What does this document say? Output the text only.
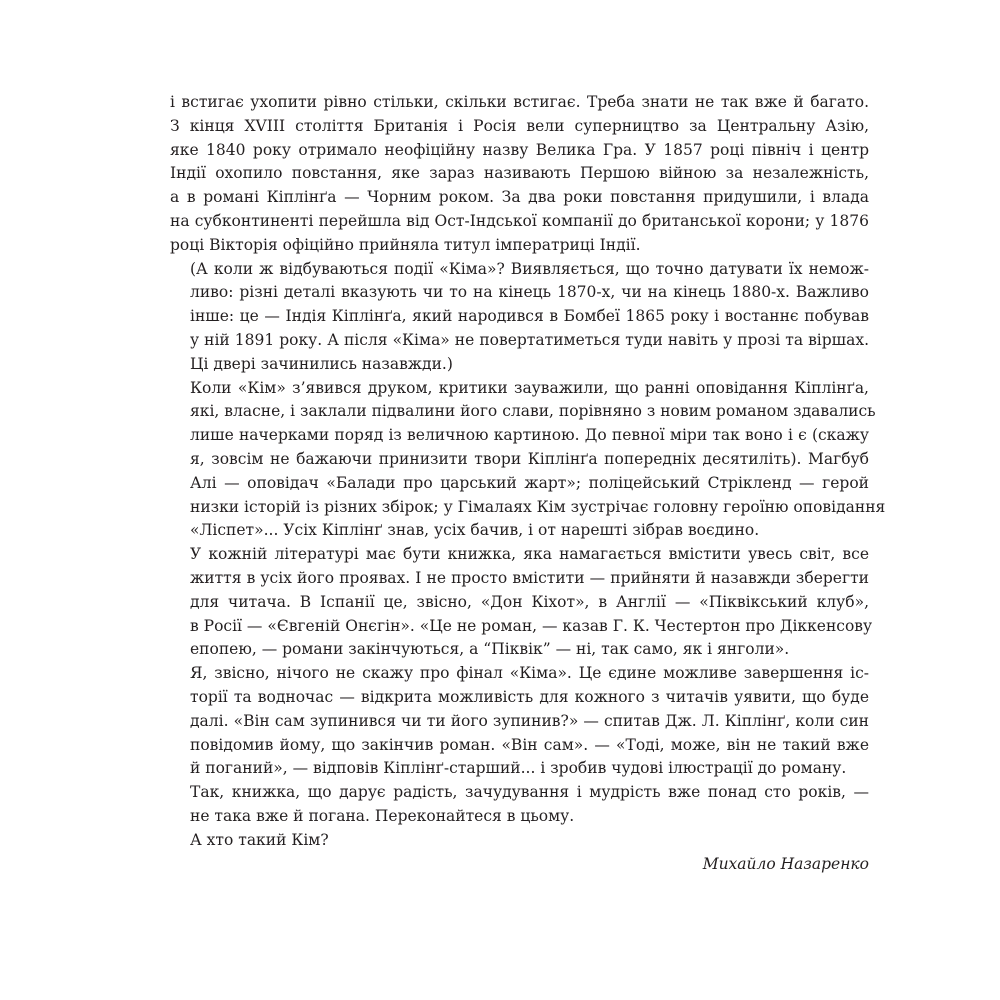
і встигає ухопити рівно стільки, скільки встигає. Треба знати не так вже й багато.
З кінця XVIII століття Британія і Росія вели суперництво за Центральну Азію,
яке 1840 року отримало неофіційну назву Велика Гра. У 1857 році північ і центр
Індії охопило повстання, яке зараз називають Першою війною за незалежність,
а в романі Кіплінґа — Чорним роком. За два роки повстання придушили, і влада
на субконтиненті перейшла від Ост-Індської компанії до британської корони; у 1876
році Вікторія офіційно прийняла титул імператриці Індії.

(А коли ж відбуваються події «Кіма»? Виявляється, що точно датувати їх немож-
ливо: різні деталі вказують чи то на кінець 1870-х, чи на кінець 1880-х. Важливо
інше: це — Індія Кіплінґа, який народився в Бомбеї 1865 року і востаннє побував
у ній 1891 року. А після «Кіма» не повертатиметься туди навіть у прозі та віршах.
Ці двері зачинились назавжди.)

Коли «Кім» з’явився друком, критики зауважили, що ранні оповідання Кіплінґа,
які, власне, і заклали підвалини його слави, порівняно з новим романом здавались
лише начерками поряд із величною картиною. До певної міри так воно і є (скажу
я, зовсім не бажаючи принизити твори Кіплінґа попередніх десятиліть). Магбуб
Алі — оповідач «Балади про царський жарт»; поліцейський Стрікленд — герой
низки історій із різних збірок; у Гімалаях Кім зустрічає головну героїню оповідання
«Ліспет»... Усіх Кіплінґ знав, усіх бачив, і от нарешті зібрав воєдино.

У кожній літературі має бути книжка, яка намагається вмістити увесь світ, все
життя в усіх його проявах. І не просто вмістити — прийняти й назавжди зберегти
для читача. В Іспанії це, звісно, «Дон Кіхот», в Англії — «Піквікський клуб»,
в Росії — «Євгеній Онєгін». «Це не роман, — казав Г. К. Честертон про Діккенсову
епопею, — романи закінчуються, а “Піквік” — ні, так само, як і янголи».

Я, звісно, нічого не скажу про фінал «Кіма». Це єдине можливе завершення іс-
торії та водночас — відкрита можливість для кожного з читачів уявити, що буде
далі. «Він сам зупинився чи ти його зупинив?» — спитав Дж. Л. Кіплінґ, коли син
повідомив йому, що закінчив роман. «Він сам». — «Тоді, може, він не такий вже
й поганий», — відповів Кіплінґ-старший... і зробив чудові ілюстрації до роману.

Так, книжка, що дарує радість, зачудування і мудрість вже понад сто років, —
не така вже й погана. Переконайтеся в цьому.

А хто такий Кім?

Михайло Назаренко
